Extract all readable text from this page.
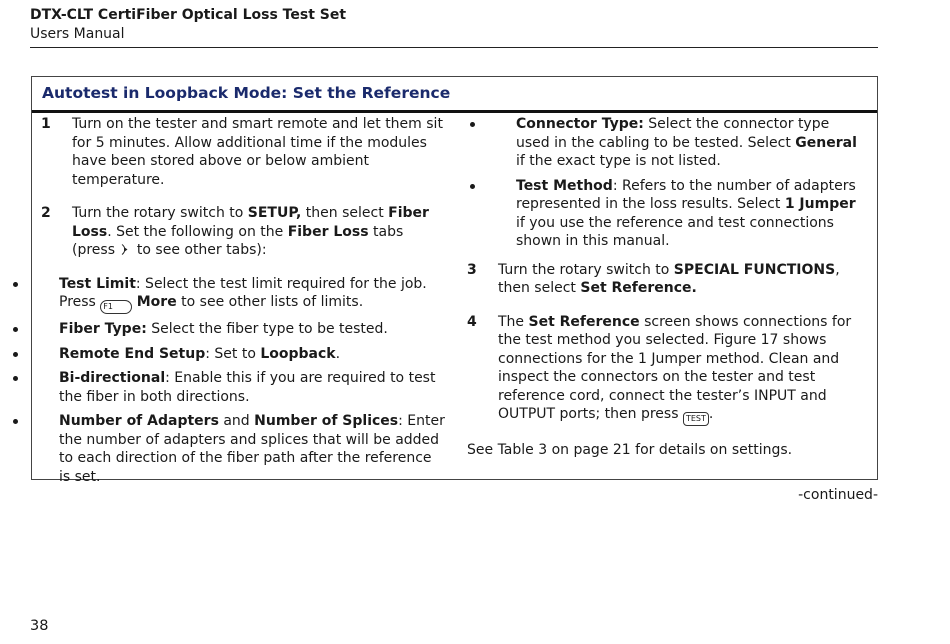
DTX-CLT CertiFiber Optical Loss Test Set
Users Manual
Autotest in Loopback Mode: Set the Reference
1 Turn on the tester and smart remote and let them sit for 5 minutes. Allow additional time if the modules have been stored above or below ambient temperature.
2 Turn the rotary switch to SETUP, then select Fiber Loss. Set the following on the Fiber Loss tabs (press  to see other tabs):
Test Limit: Select the test limit required for the job. Press F1 More to see other lists of limits.
Fiber Type: Select the fiber type to be tested.
Remote End Setup: Set to Loopback.
Bi-directional: Enable this if you are required to test the fiber in both directions.
Number of Adapters and Number of Splices: Enter the number of adapters and splices that will be added to each direction of the fiber path after the reference is set.
Connector Type: Select the connector type used in the cabling to be tested. Select General if the exact type is not listed.
Test Method: Refers to the number of adapters represented in the loss results. Select 1 Jumper if you use the reference and test connections shown in this manual.
3 Turn the rotary switch to SPECIAL FUNCTIONS, then select Set Reference.
4 The Set Reference screen shows connections for the test method you selected. Figure 17 shows connections for the 1 Jumper method. Clean and inspect the connectors on the tester and test reference cord, connect the tester’s INPUT and OUTPUT ports; then press TEST .
See Table 3 on page 21 for details on settings.
-continued-
38
